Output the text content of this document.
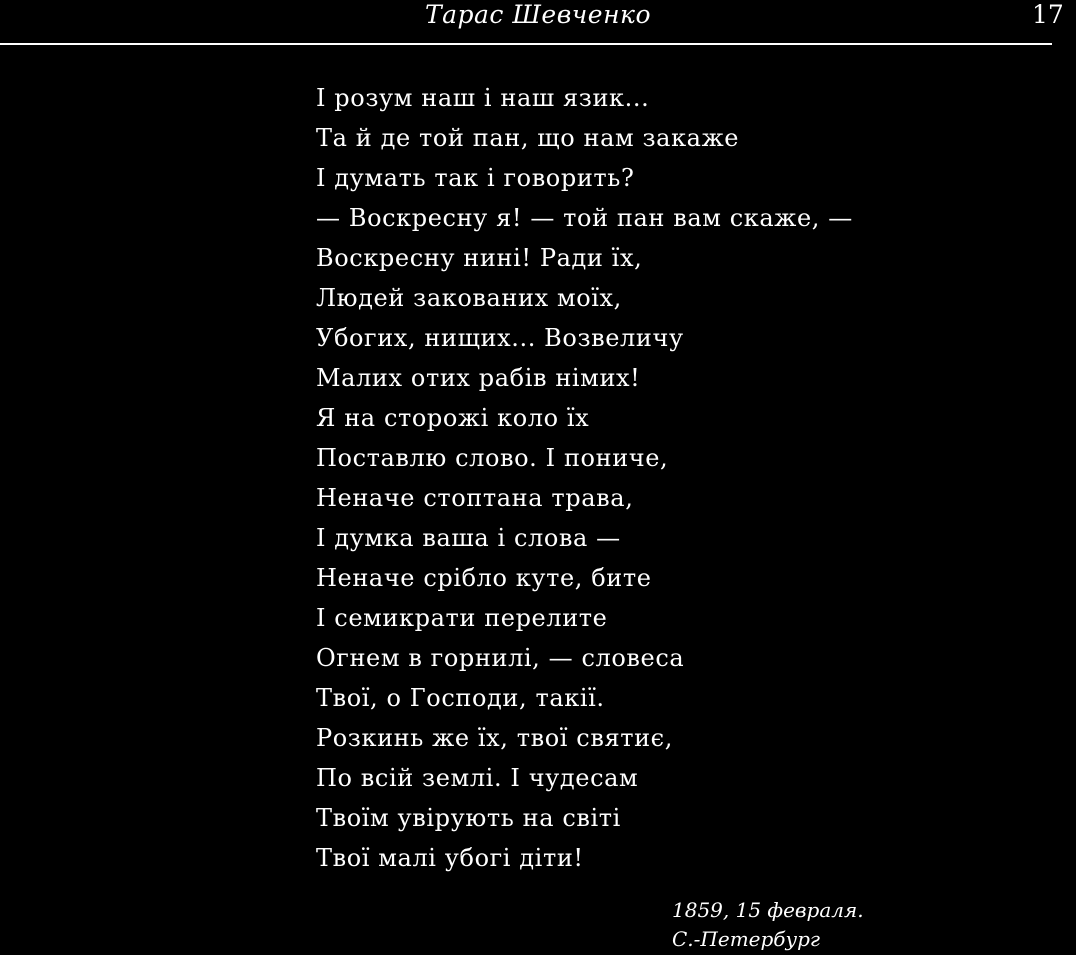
Тарас Шевченко	17
І розум наш і наш язик...
Та й де той пан, що нам закаже
І думать так і говорить?
— Воскресну я! — той пан вам скаже, —
Воскресну нині! Ради їх,
Людей закованих моїх,
Убогих, нищих... Возвеличу
Малих отих рабів німих!
Я на сторожі коло їх
Поставлю слово. І пониче,
Неначе стоптана трава,
І думка ваша і слова —
Неначе срібло куте, бите
І семикрати перелите
Огнем в горнилі, — словеса
Твої, о Господи, такії.
Розкинь же їх, твої святиє,
По всій землі. І чудесам
Твоїм увірують на світі
Твої малі убогі діти!
1859, 15 февраля.
С.-Петербург
